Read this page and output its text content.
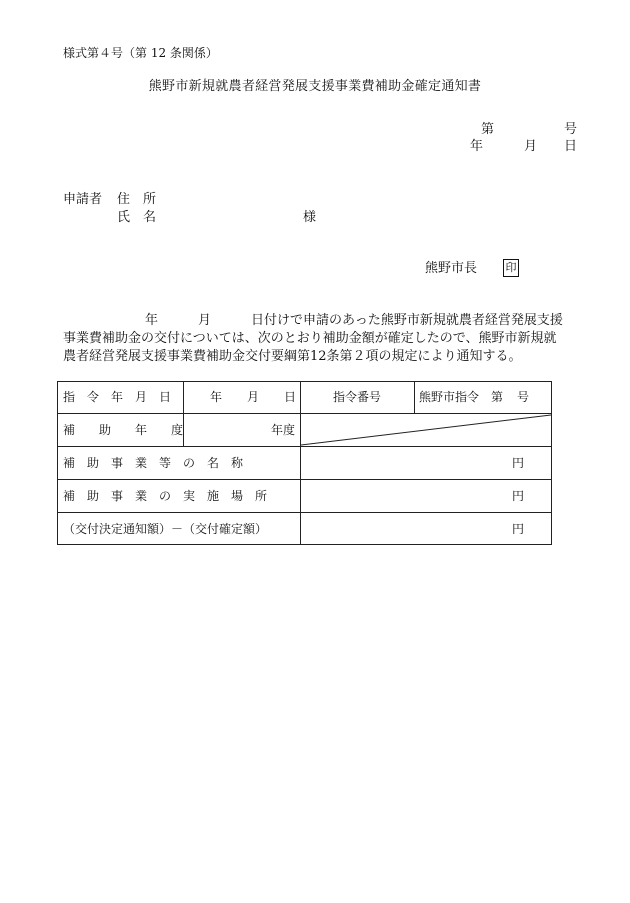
様式第４号（第 12 条関係）
熊野市新規就農者経営発展支援事業費補助金確定通知書
第	号
年	月 日
申請者 住　所
氏　名	様
熊野市長	印
年	月	日付けで申請のあった熊野市新規就農者経営発展支援
事業費補助金の交付については、次のとおり補助金額が確定したので、熊野市新規就
農者経営発展支援事業費補助金交付要綱第12条第２項の規定により通知する。
指　令　年　月　日	年 月 日	指令番号	熊野市指令 第 号
補　　助　　年　　度	年度
補　助　事　業　等　の　名　称	円
補　助　事　業　の　実　施　場　所	円
（交付決定通知額）－（交付確定額）	円
